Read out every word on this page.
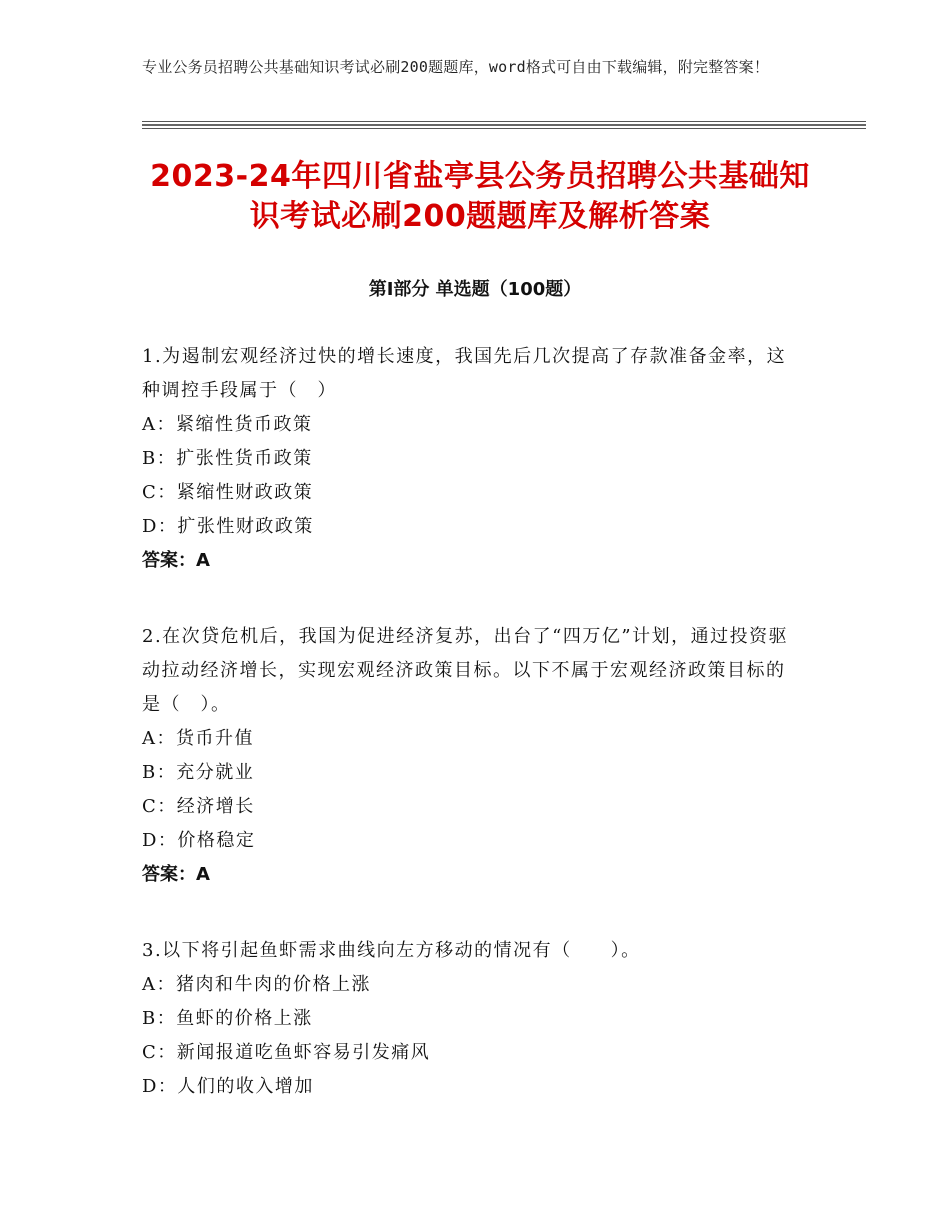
专业公务员招聘公共基础知识考试必刷200题题库，word格式可自由下载编辑，附完整答案！
2023-24年四川省盐亭县公务员招聘公共基础知识考试必刷200题题库及解析答案
第Ⅰ部分 单选题（100题）

1.为遏制宏观经济过快的增长速度，我国先后几次提高了存款准备金率，这种调控手段属于（　）

A：紧缩性货币政策

B：扩张性货币政策

C：紧缩性财政政策

D：扩张性财政政策

答案：A

2.在次贷危机后，我国为促进经济复苏，出台了“四万亿”计划，通过投资驱动拉动经济增长，实现宏观经济政策目标。以下不属于宏观经济政策目标的是（　）。

A：货币升值

B：充分就业

C：经济增长

D：价格稳定

答案：A

3.以下将引起鱼虾需求曲线向左方移动的情况有（　　）。

A：猪肉和牛肉的价格上涨

B：鱼虾的价格上涨

C：新闻报道吃鱼虾容易引发痛风

D：人们的收入增加
